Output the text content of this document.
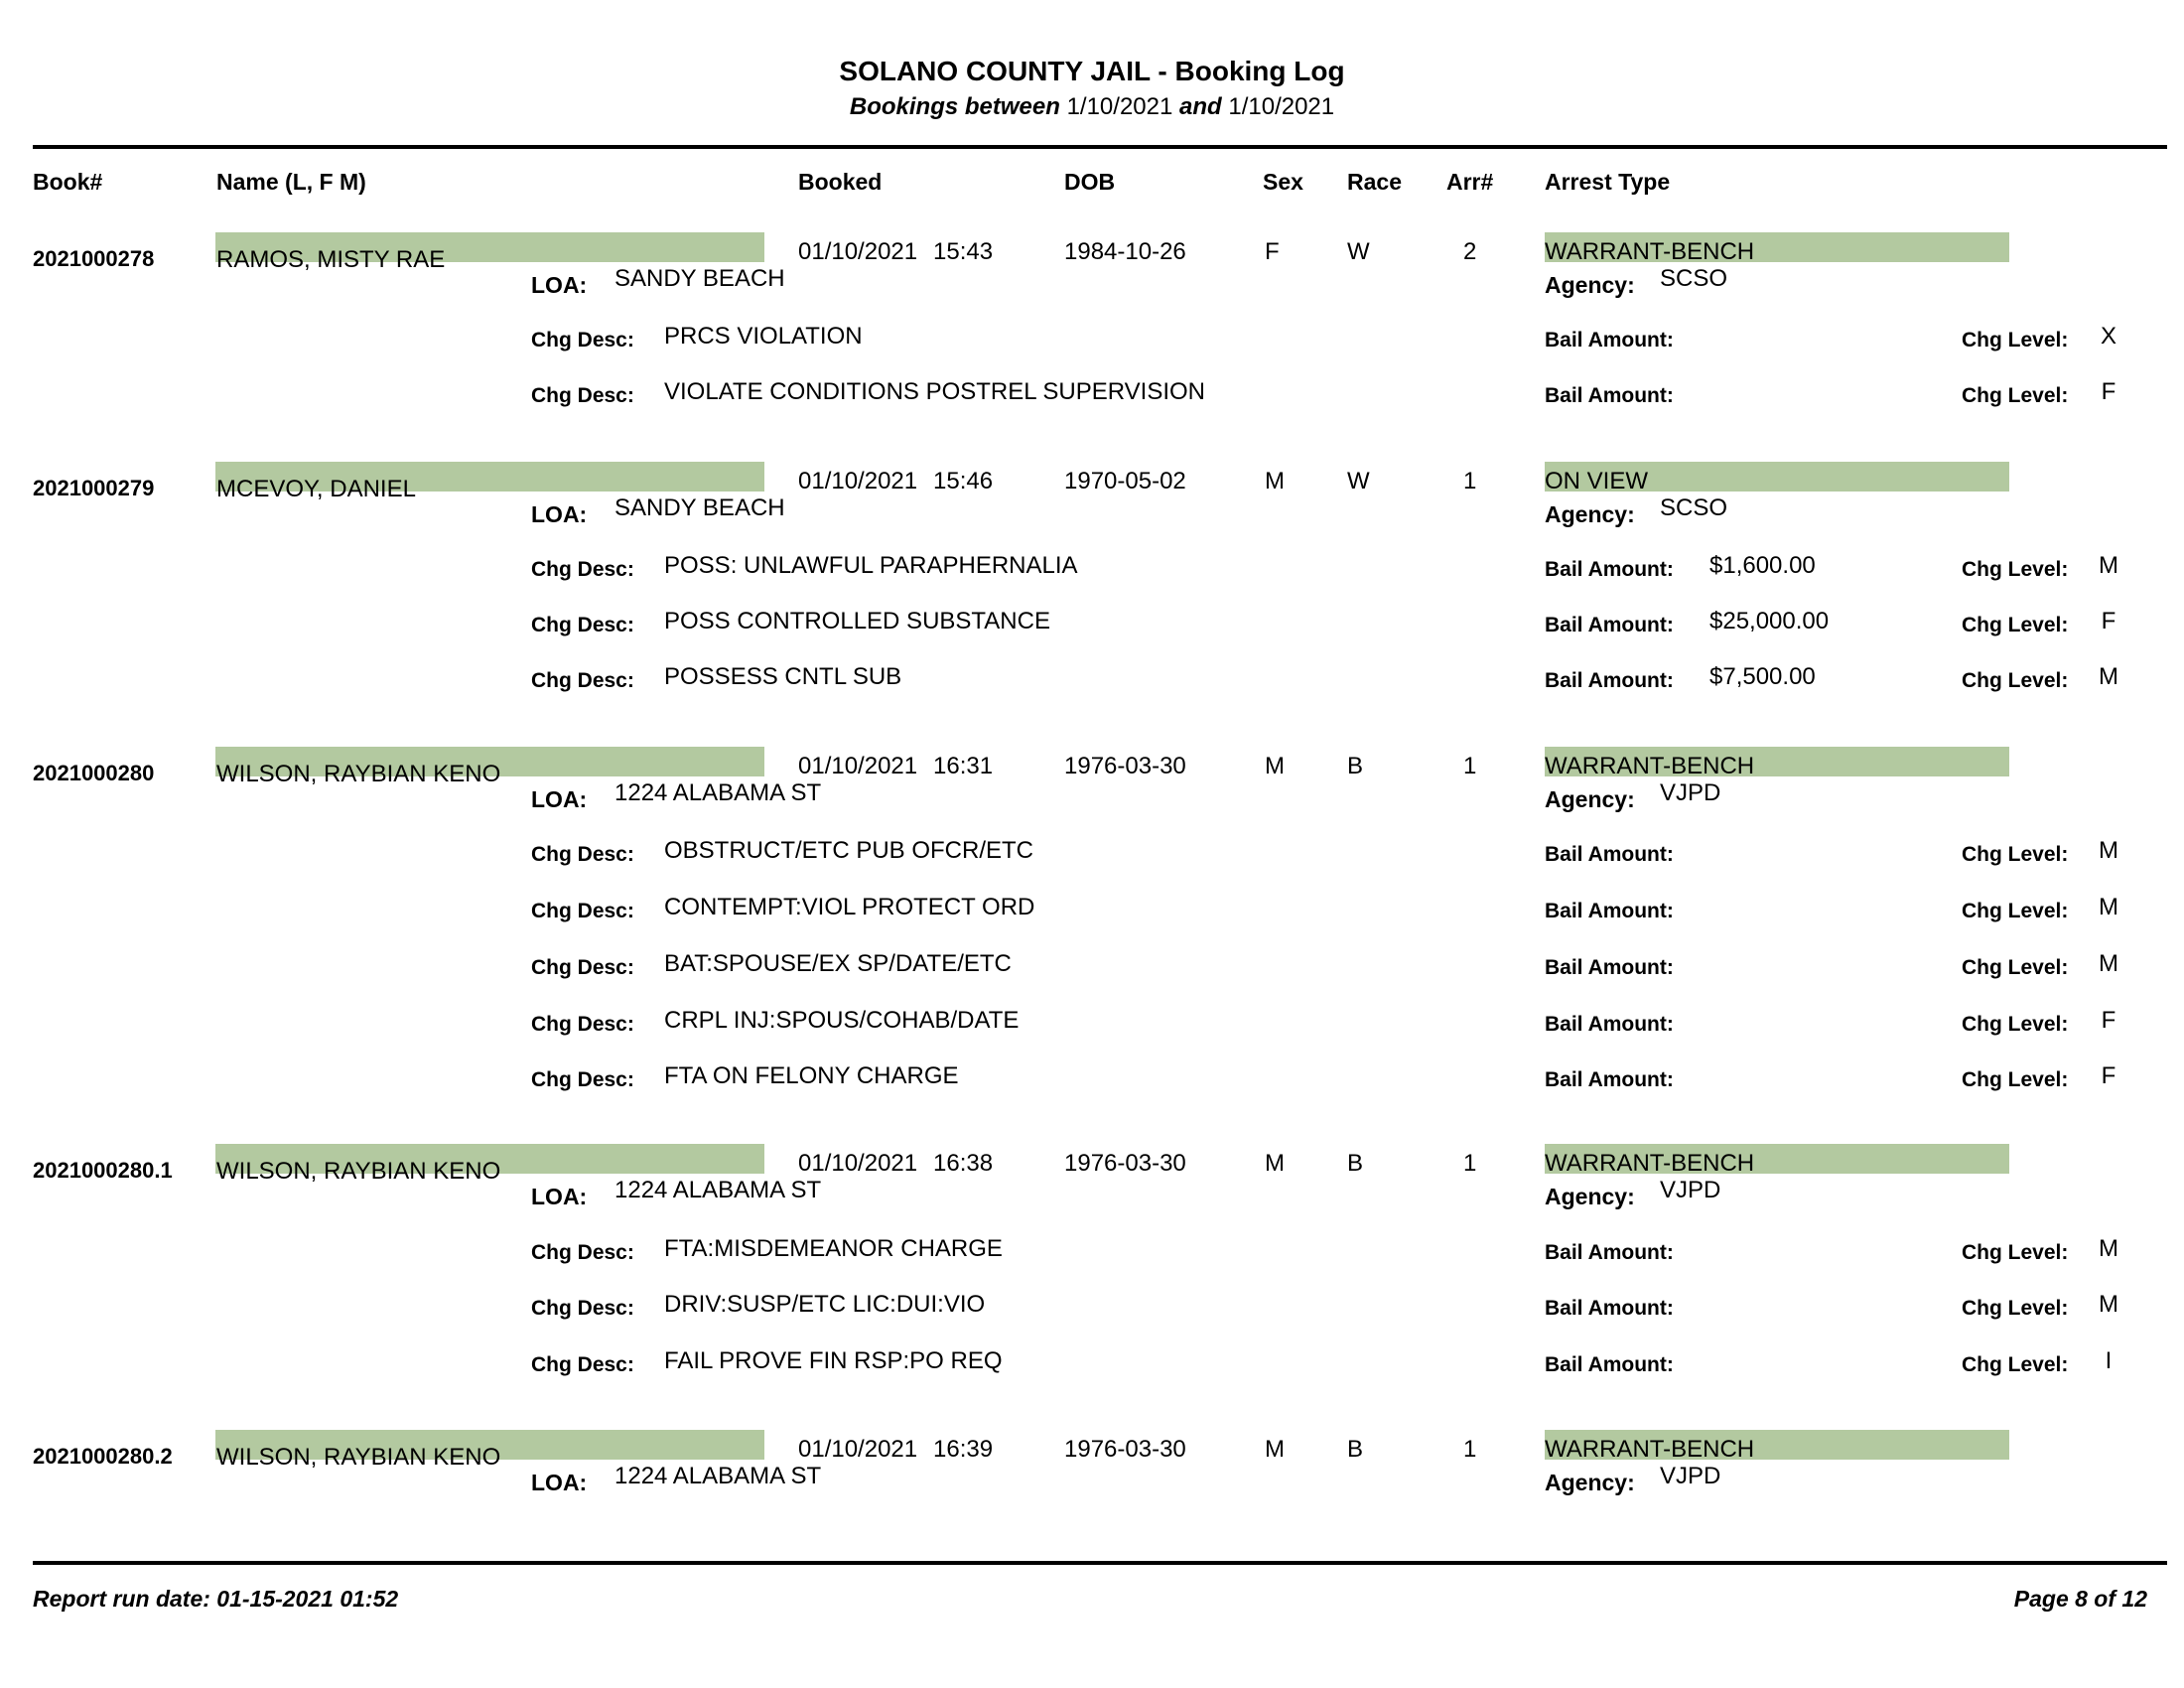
SOLANO COUNTY JAIL - Booking Log
Bookings between 1/10/2021 and 1/10/2021
Book#	Name (L, F M)	Booked	DOB	Sex Race Arr# Arrest Type
2021000278	RAMOS, MISTY RAE	01/10/2021 15:43	1984-10-26	F	W	2	WARRANT-BENCH
LOA: SANDY BEACH	Agency: SCSO
Chg Desc: PRCS VIOLATION	Bail Amount:	Chg Level: X
Chg Desc: VIOLATE CONDITIONS POSTREL SUPERVISION	Bail Amount:	Chg Level: F
2021000279	MCEVOY, DANIEL	01/10/2021 15:46	1970-05-02	M	W	1	ON VIEW
LOA: SANDY BEACH	Agency: SCSO
Chg Desc: POSS: UNLAWFUL PARAPHERNALIA	Bail Amount: $1,600.00	Chg Level: M
Chg Desc: POSS CONTROLLED SUBSTANCE	Bail Amount: $25,000.00	Chg Level: F
Chg Desc: POSSESS CNTL SUB	Bail Amount: $7,500.00	Chg Level: M
2021000280	WILSON, RAYBIAN KENO	01/10/2021 16:31	1976-03-30	M	B	1	WARRANT-BENCH
LOA: 1224 ALABAMA ST	Agency: VJPD
Chg Desc: OBSTRUCT/ETC PUB OFCR/ETC	Bail Amount:	Chg Level: M
Chg Desc: CONTEMPT:VIOL PROTECT ORD	Bail Amount:	Chg Level: M
Chg Desc: BAT:SPOUSE/EX SP/DATE/ETC	Bail Amount:	Chg Level: M
Chg Desc: CRPL INJ:SPOUS/COHAB/DATE	Bail Amount:	Chg Level: F
Chg Desc: FTA ON FELONY CHARGE	Bail Amount:	Chg Level: F
2021000280.1 WILSON, RAYBIAN KENO	01/10/2021 16:38	1976-03-30	M	B	1	WARRANT-BENCH
LOA: 1224 ALABAMA ST	Agency: VJPD
Chg Desc: FTA:MISDEMEANOR CHARGE	Bail Amount:	Chg Level: M
Chg Desc: DRIV:SUSP/ETC LIC:DUI:VIO	Bail Amount:	Chg Level: M
Chg Desc: FAIL PROVE FIN RSP:PO REQ	Bail Amount:	Chg Level:	I
2021000280.2 WILSON, RAYBIAN KENO	01/10/2021 16:39	1976-03-30	M	B	1	WARRANT-BENCH
LOA: 1224 ALABAMA ST	Agency: VJPD
Report run date: 01-15-2021 01:52	Page 8 of 12
